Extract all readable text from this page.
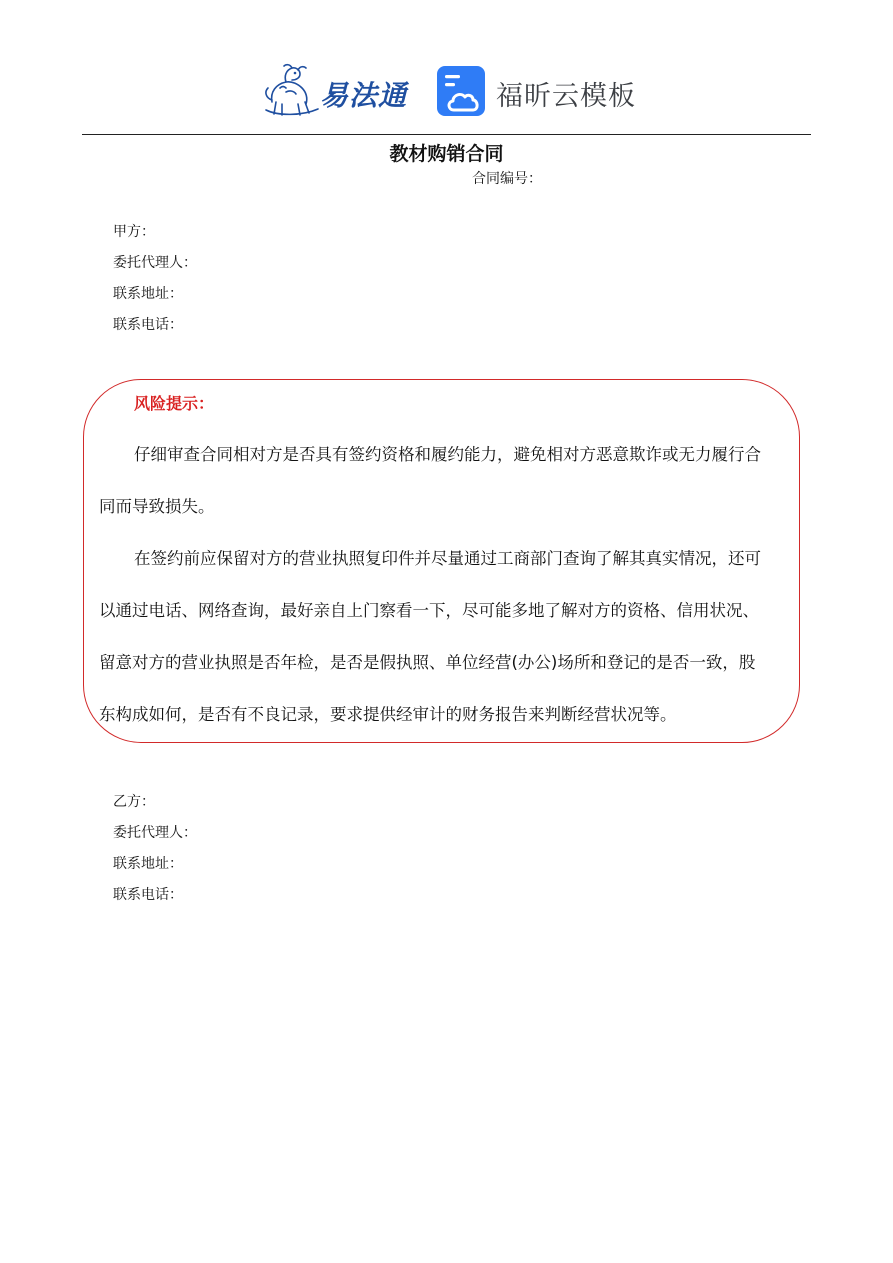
易法通	福昕云模板
教材购销合同
合同编号：
甲方：
委托代理人：
联系地址：
联系电话：
风险提示：
仔细审查合同相对方是否具有签约资格和履约能力，避免相对方恶意欺诈或无力履行合
同而导致损失。
在签约前应保留对方的营业执照复印件并尽量通过工商部门查询了解其真实情况，还可
以通过电话、网络查询，最好亲自上门察看一下，尽可能多地了解对方的资格、信用状况、
留意对方的营业执照是否年检，是否是假执照、单位经营(办公)场所和登记的是否一致，股
东构成如何，是否有不良记录，要求提供经审计的财务报告来判断经营状况等。
乙方：
委托代理人：
联系地址：
联系电话：
